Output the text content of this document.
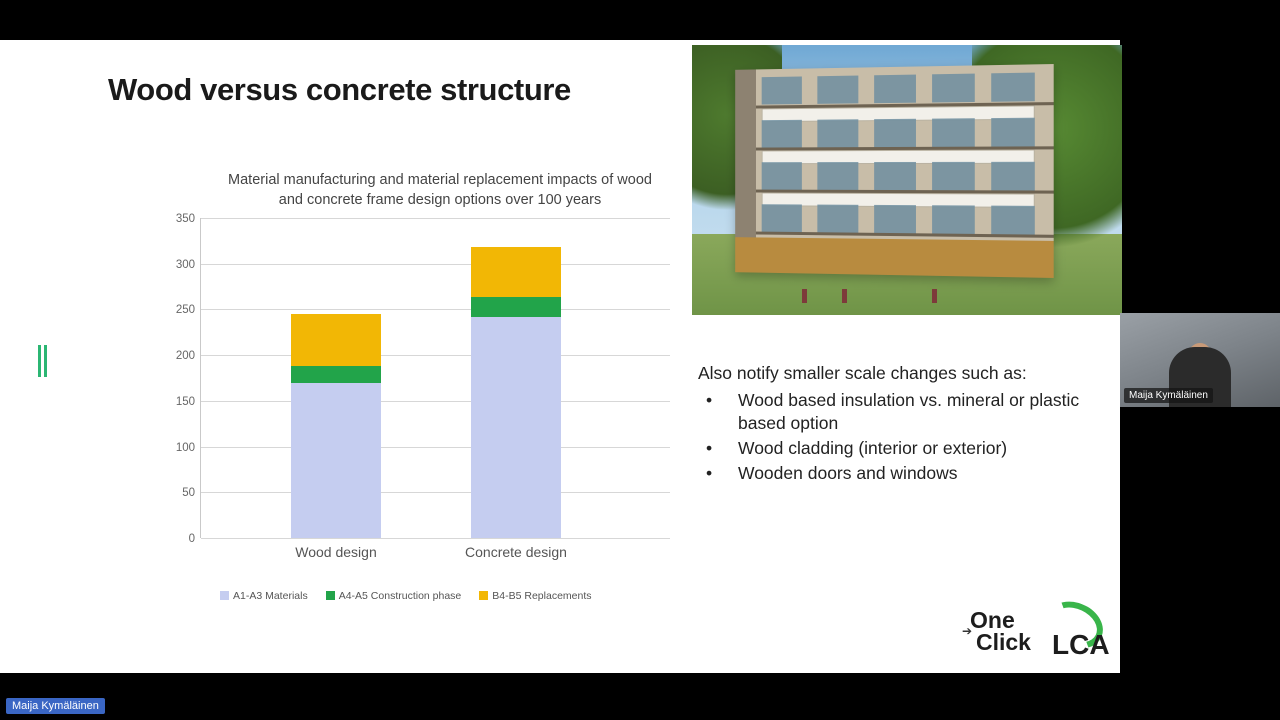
Wood versus concrete structure
Material manufacturing and material replacement impacts of wood and concrete frame design options over 100 years
0
50
100
150
200
250
300
350
Wood design	Concrete design
A1-A3 Materials	A4-A5 Construction phase	B4-B5 Replacements
Also notify smaller scale changes such as:
•	Wood based insulation vs. mineral or plastic based option
•	Wood cladding (interior or exterior)
•	Wooden doors and windows
One
Click LCA
➔
Maija Kymäläinen
Maija Kymäläinen
